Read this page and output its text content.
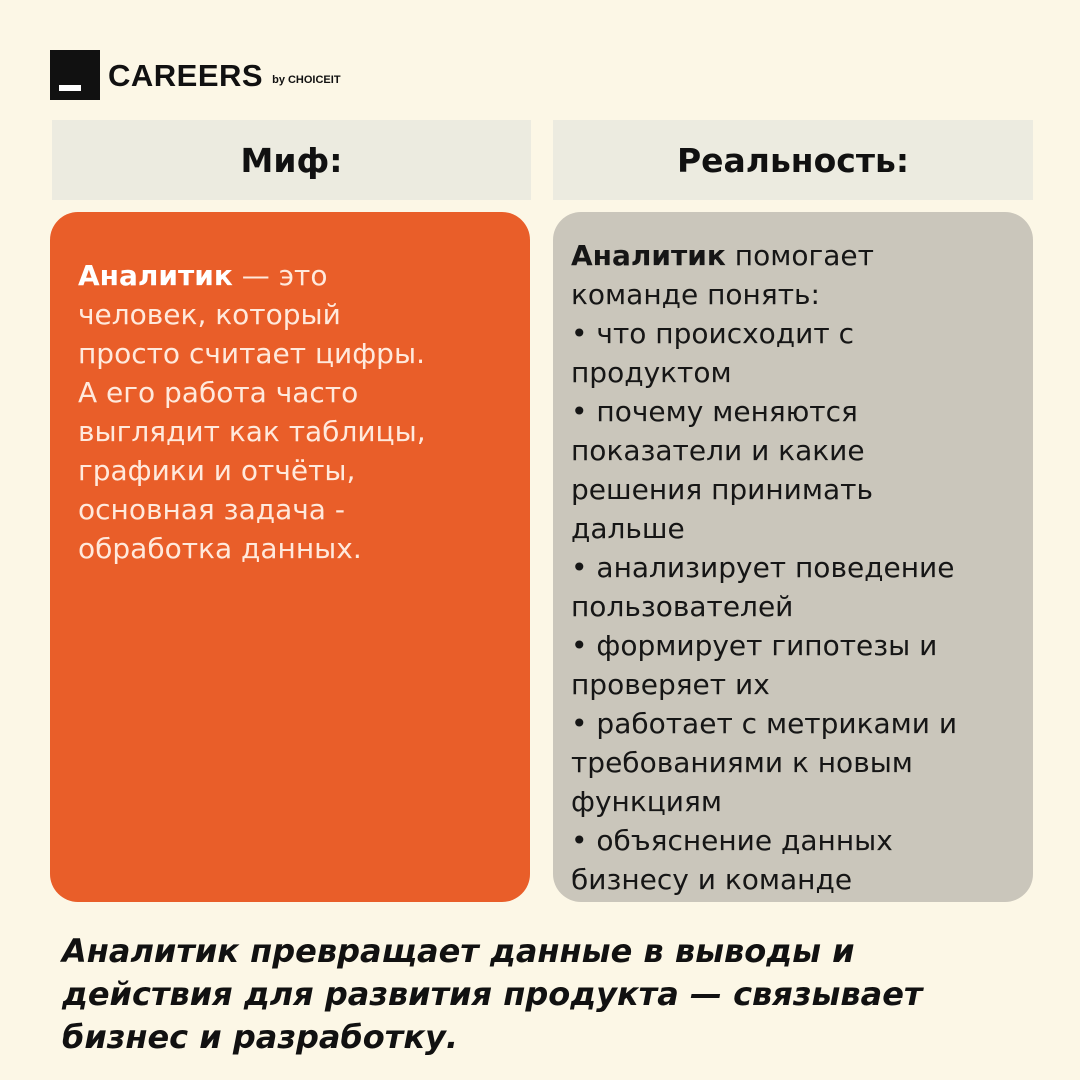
CAREERS by CHOICEIT
Миф:	Реальность:
Аналитик — это
человек, который
просто считает цифры.
А его работа часто
выглядит как таблицы,
графики и отчёты,
основная задача -
обработка данных.
Аналитик помогает
команде понять:
• что происходит с
продуктом
• почему меняются
показатели и какие
решения принимать
дальше
• анализирует поведение
пользователей
• формирует гипотезы и
проверяет их
• работает с метриками и
требованиями к новым
функциям
• объяснение данных
бизнесу и команде
Аналитик превращает данные в выводы и
действия для развития продукта — связывает
бизнес и разработку.
